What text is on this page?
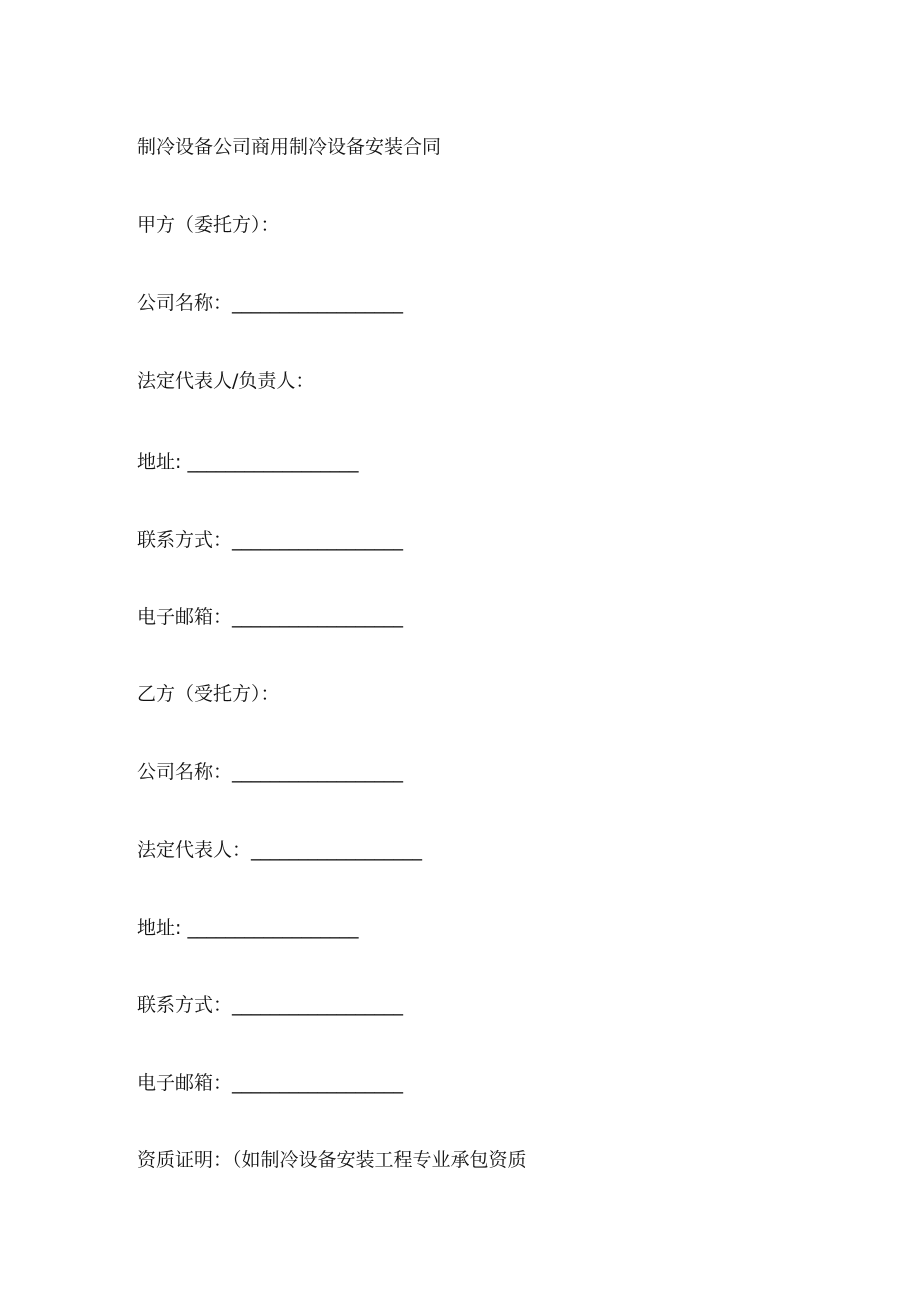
制冷设备公司商用制冷设备安装合同
甲方（委托方）：
公司名称：__________________
法定代表人/负责人：
地址: __________________
联系方式：__________________
电子邮箱：__________________
乙方（受托方）：
公司名称：__________________
法定代表人：__________________
地址: __________________
联系方式：__________________
电子邮箱：__________________
资质证明：（如制冷设备安装工程专业承包资质
